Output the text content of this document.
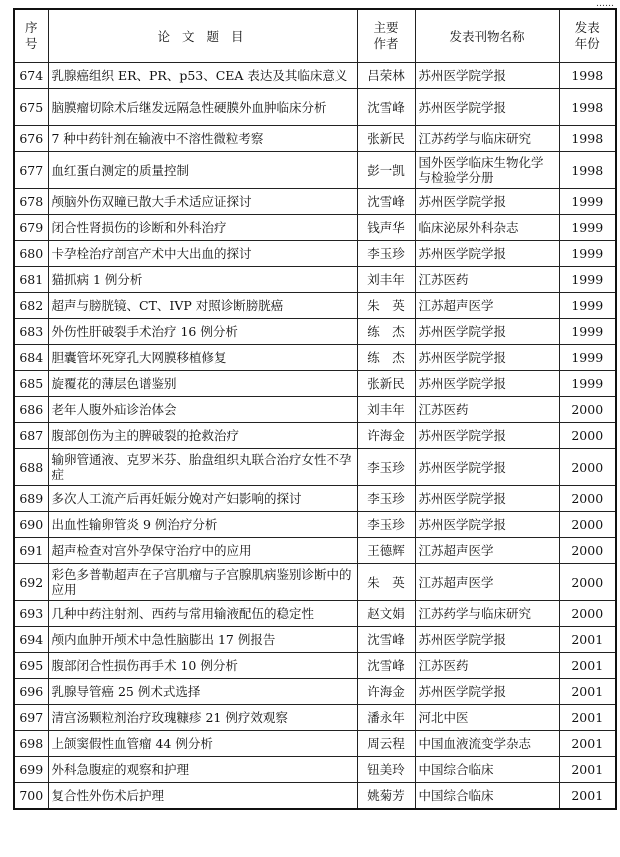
……
序号	论 文 题 目	主要作者	发表刊物名称	发表年份
674	乳腺癌组织 ER、PR、p53、CEA 表达及其临床意义	吕荣林	苏州医学院学报	1998
675	脑膜瘤切除术后继发远隔急性硬膜外血肿临床分析	沈雪峰	苏州医学院学报	1998
676	7 种中药针剂在输液中不溶性微粒考察	张新民	江苏药学与临床研究	1998
677	血红蛋白测定的质量控制	彭一凯	国外医学临床生物化学与检验学分册	1998
678	颅脑外伤双瞳已散大手术适应证探讨	沈雪峰	苏州医学院学报	1999
679	闭合性肾损伤的诊断和外科治疗	钱声华	临床泌尿外科杂志	1999
680	卡孕栓治疗剖宫产术中大出血的探讨	李玉珍	苏州医学院学报	1999
681	猫抓病 1 例分析	刘丰年	江苏医药	1999
682	超声与膀胱镜、CT、IVP 对照诊断膀胱癌	朱　英	江苏超声医学	1999
683	外伤性肝破裂手术治疗 16 例分析	练　杰	苏州医学院学报	1999
684	胆囊管坏死穿孔大网膜移植修复	练　杰	苏州医学院学报	1999
685	旋覆花的薄层色谱鉴别	张新民	苏州医学院学报	1999
686	老年人腹外疝诊治体会	刘丰年	江苏医药	2000
687	腹部创伤为主的脾破裂的抢救治疗	许海金	苏州医学院学报	2000
688	输卵管通液、克罗米芬、胎盘组织丸联合治疗女性不孕症	李玉珍	苏州医学院学报	2000
689	多次人工流产后再妊娠分娩对产妇影响的探讨	李玉珍	苏州医学院学报	2000
690	出血性输卵管炎 9 例治疗分析	李玉珍	苏州医学院学报	2000
691	超声检查对宫外孕保守治疗中的应用	王德辉	江苏超声医学	2000
692	彩色多普勒超声在子宫肌瘤与子宫腺肌病鉴别诊断中的应用	朱　英	江苏超声医学	2000
693	几种中药注射剂、西药与常用输液配伍的稳定性	赵文娟	江苏药学与临床研究	2000
694	颅内血肿开颅术中急性脑膨出 17 例报告	沈雪峰	苏州医学院学报	2001
695	腹部闭合性损伤再手术 10 例分析	沈雪峰	江苏医药	2001
696	乳腺导管癌 25 例术式选择	许海金	苏州医学院学报	2001
697	清宫汤颗粒剂治疗玫瑰糠疹 21 例疗效观察	潘永年	河北中医	2001
698	上颌窦假性血管瘤 44 例分析	周云程	中国血液流变学杂志	2001
699	外科急腹症的观察和护理	钮美玲	中国综合临床	2001
700	复合性外伤术后护理	姚菊芳	中国综合临床	2001
